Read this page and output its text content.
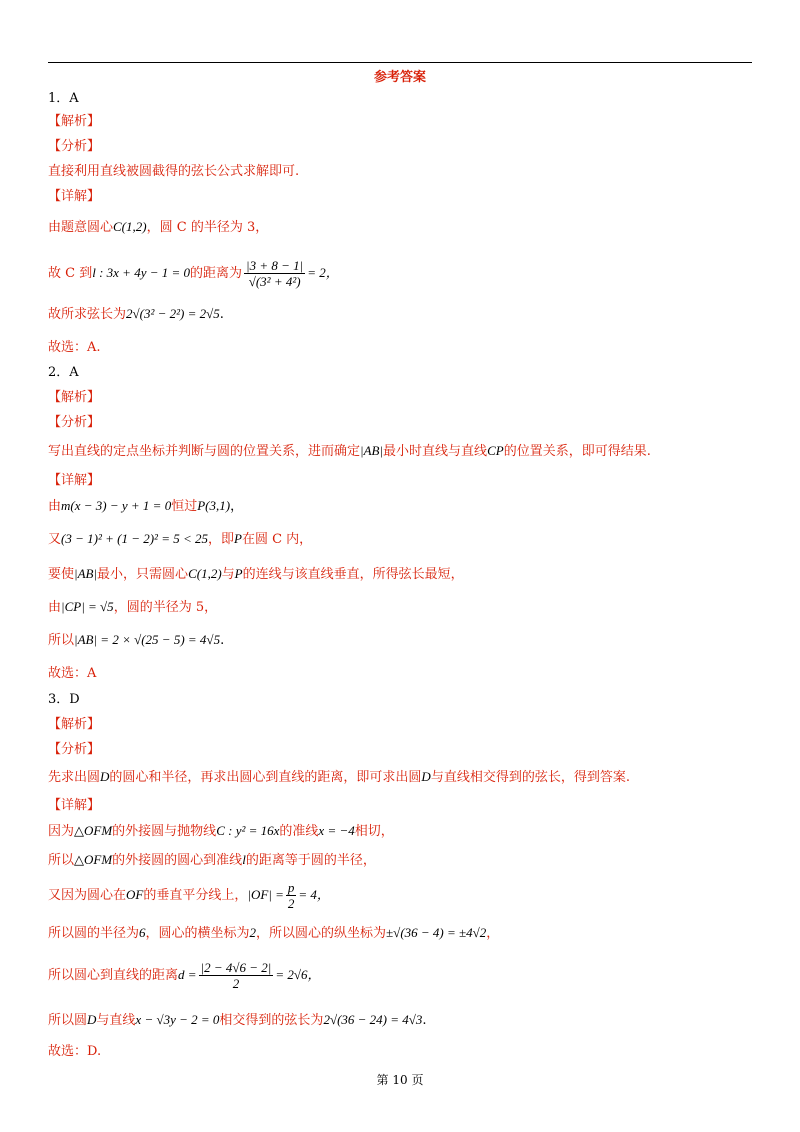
参考答案
1．A
【解析】
【分析】
直接利用直线被圆截得的弦长公式求解即可.
【详解】
由题意圆心C(1,2)，圆 C 的半径为 3，
故 C 到l : 3x + 4y − 1 = 0的距离为 $\frac{|3 + 8 - 1|}{\text{√(3² + 4²)}} = 2$，
故所求弦长为2√(3² − 2²) = 2√5.
故选：A.
2．A
【解析】
【分析】
写出直线的定点坐标并判断与圆的位置关系，进而确定|AB|最小时直线与直线CP的位置关系，即可得结果.
【详解】
由m(x − 3) − y + 1 = 0恒过P(3,1)，
又(3 − 1)² + (1 − 2)² = 5 < 25，即P在圆 C 内，
要使|AB|最小，只需圆心C(1,2)与P的连线与该直线垂直，所得弦长最短，
由|CP| = √5，圆的半径为 5，
所以|AB| = 2 × √(25 − 5) = 4√5.
故选：A
3．D
【解析】
【分析】
先求出圆D的圆心和半径，再求出圆心到直线的距离，即可求出圆D与直线相交得到的弦长，得到答案.
【详解】
因为△OFM的外接圆与抛物线C : y² = 16x的准线x = −4相切，
所以△OFM的外接圆的圆心到准线l的距离等于圆的半径，
又因为圆心在OF的垂直平分线上，$|OF| = \frac{p}{2} = 4$，
所以圆的半径为6，圆心的横坐标为2，所以圆心的纵坐标为±√(36 − 4) = ±4√2，
所以圆心到直线的距离$d = \frac{|2 - 4√6 - 2|}{2} = 2√6$，
所以圆D与直线x − √3y − 2 = 0相交得到的弦长为2√(36 − 24) = 4√3.
故选：D.
第 10 页
